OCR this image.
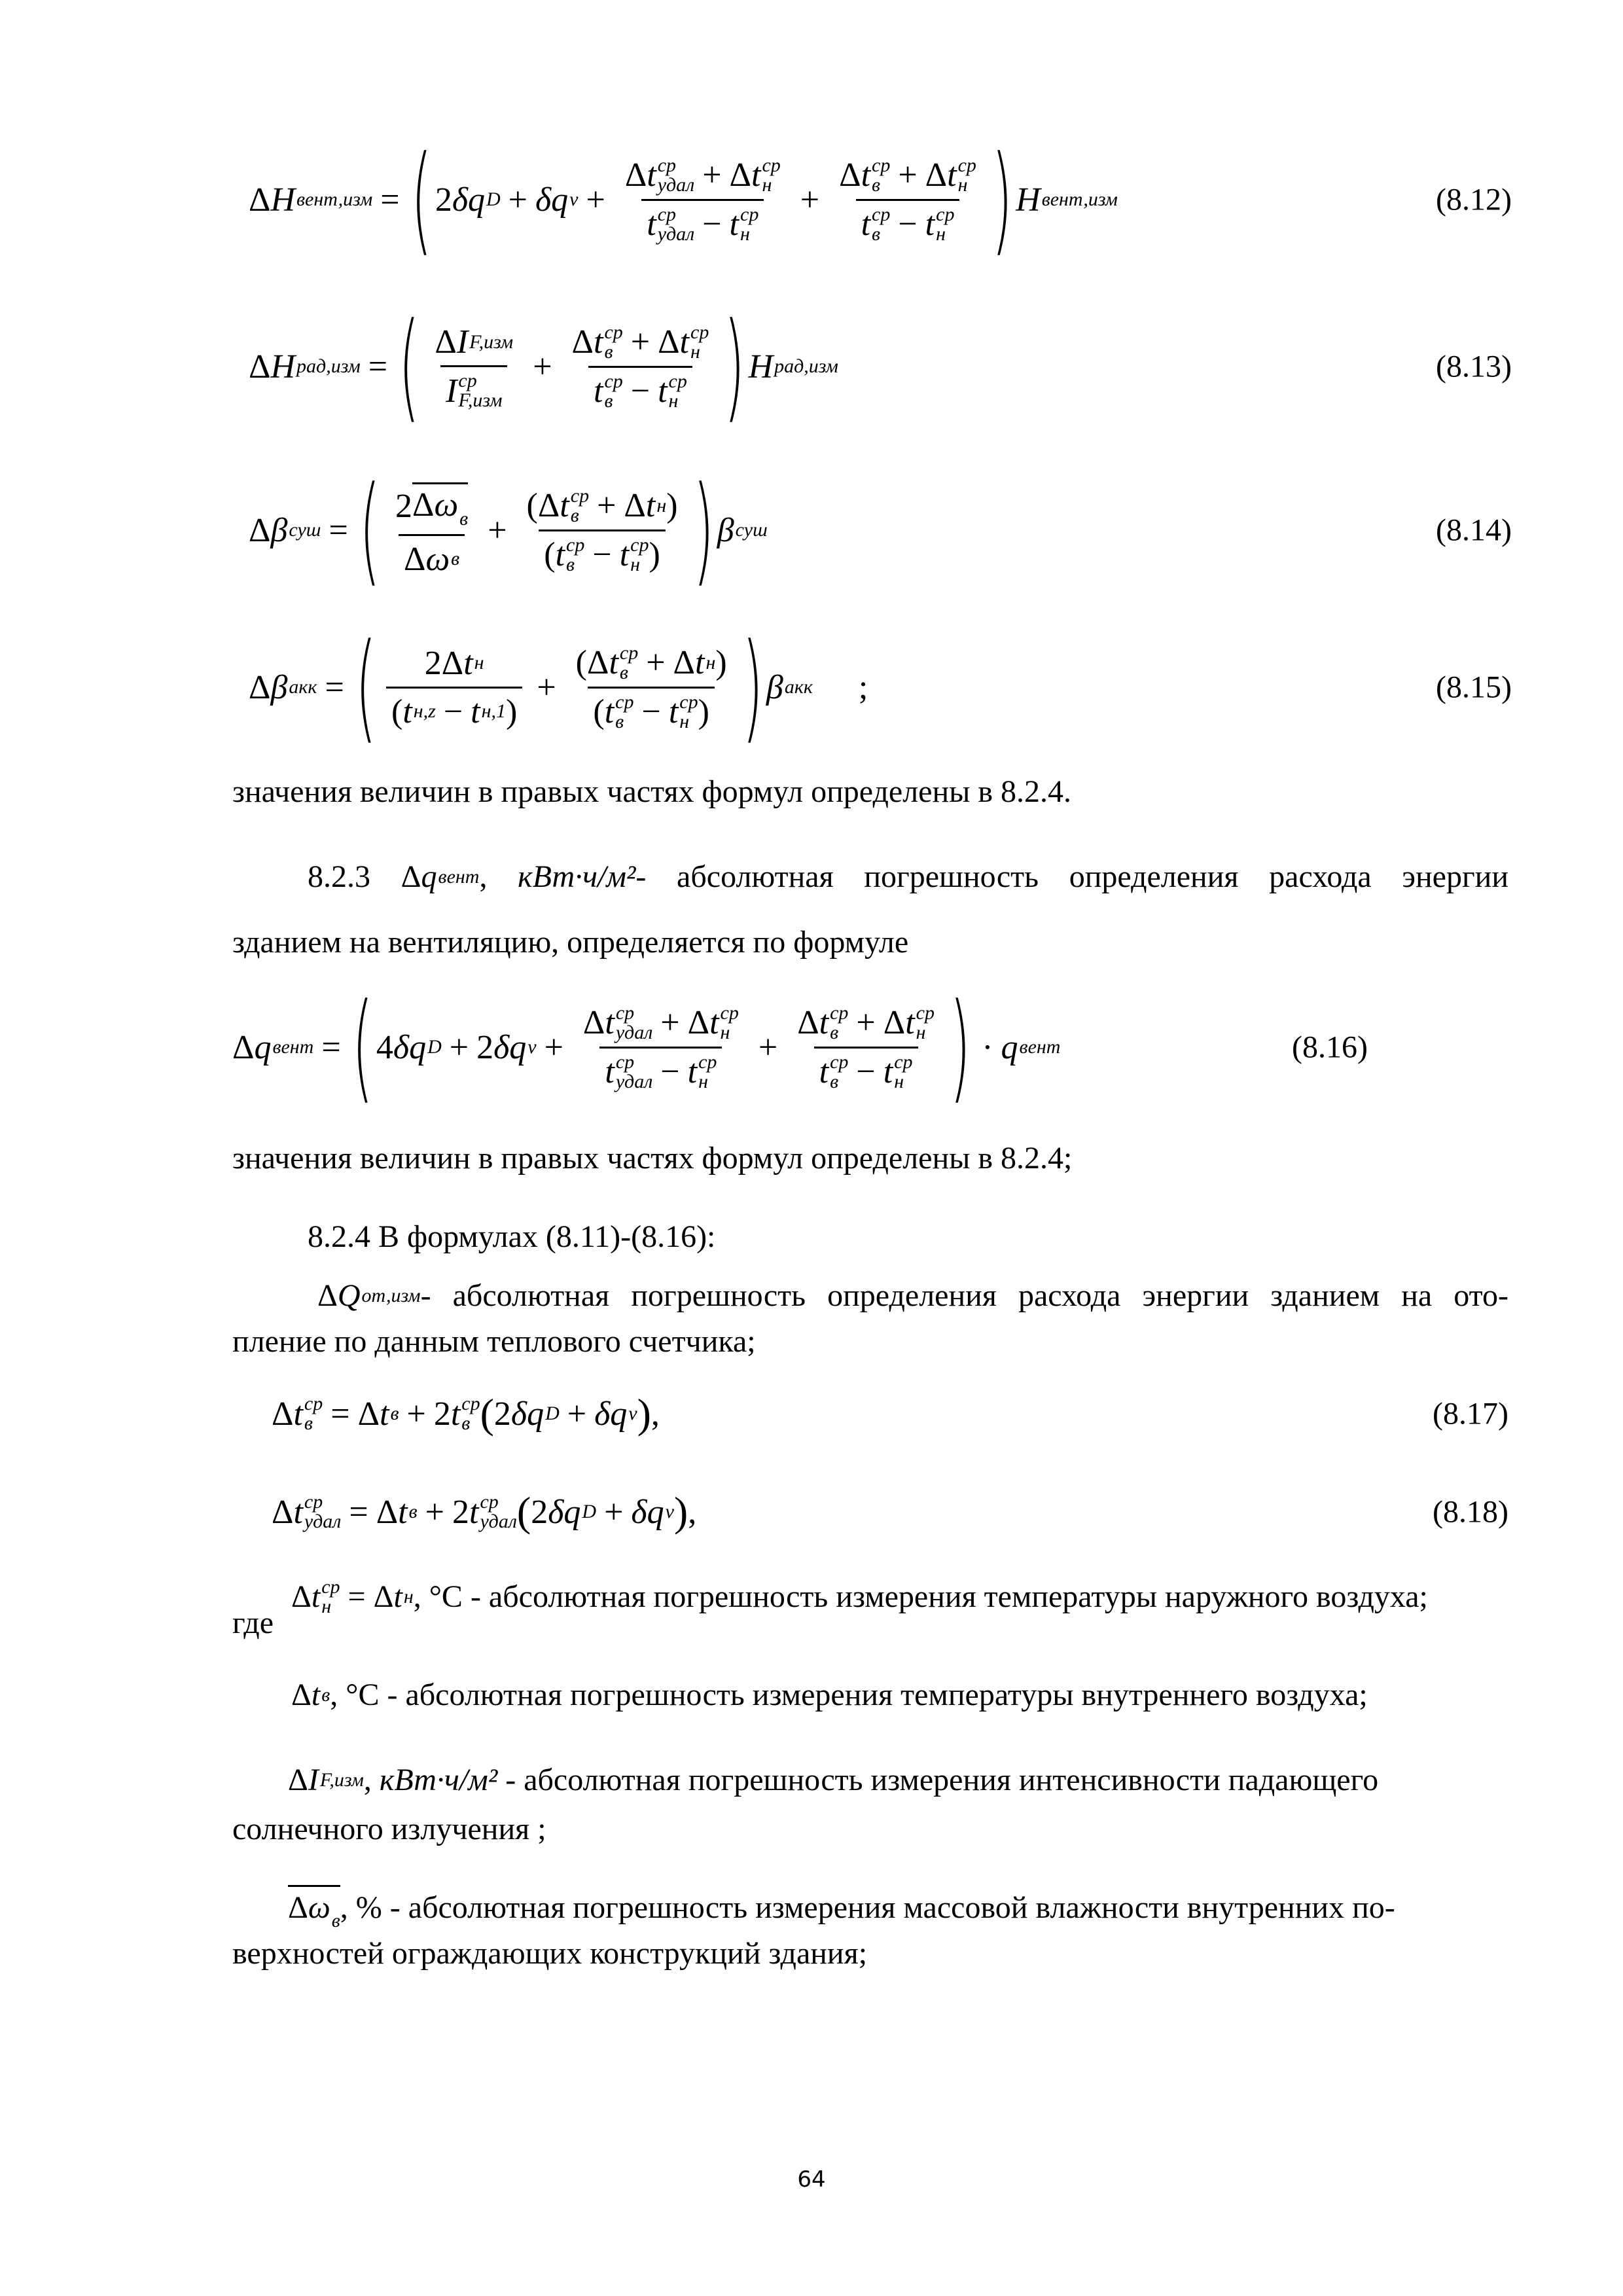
Δ H вент,изм = ( 2 δq D + δq v + Δ t ср
удал + Δ t ср
н
t ср
удал − t ср
н + Δ t ср
в + Δ t ср
н
t ср
в − t ср
н ) H вент,изм	(8.12)
Δ H рад,изм = ( Δ I F,изм
I ср
F,изм + Δ t ср
в + Δ t ср
н
t ср
в − t ср
н ) H рад,изм	(8.13)
Δ β суш = ( $\frac{2 \Delta\omega_в}{\text{Δ ω в}} + (\Delta$ t ср
в + Δ t н )
( t ср
в − t ср
н ) ) β суш	(8.14)
Δ β акк = ( $\frac{\text{2Δ t н}}{\text{( t н,z − t н,1 )}} + (\Delta$ t ср
в + Δ t н )
( t ср
в − t ср
н ) ) β акк ;	(8.15)
значения величин в правых частях формул определены в 8.2.4.
8.2.3 Δ q вент , кВт·ч/м²- абсолютная погрешность определения расхода энергии
зданием на вентиляцию, определяется по формуле
Δ q вент = ( 4 δq D + 2 δq v + Δ t ср
удал + Δ t ср
н
t ср
удал − t ср
н + Δ t ср
в + Δ t ср
н
t ср
в − t ср
н ) · q вент	(8.16)
значения величин в правых частях формул определены в 8.2.4;
8.2.4 В формулах (8.11)-(8.16):
Δ Q от,изм - абсолютная погрешность определения расхода энергии зданием на ото-
пление по данным теплового счетчика;
Δ t ср
в = Δ t в + 2 t ср
в ( 2 δq D + δq v ) ,	(8.17)
Δ t ср
удал = Δ t в + 2 t ср
удал ( 2 δq D + δq v ) ,	(8.18)
где
Δ t ср
н = Δ t н , °С - абсолютная погрешность измерения температуры наружного воздуха;
Δ t в , °С - абсолютная погрешность измерения температуры внутреннего воздуха;
Δ I F,изм , кВт·ч/м² - абсолютная погрешность измерения интенсивности падающего
солнечного излучения ;
$\Delta\omega_в$ , % - абсолютная погрешность измерения массовой влажности внутренних по-
верхностей ограждающих конструкций здания;
64
